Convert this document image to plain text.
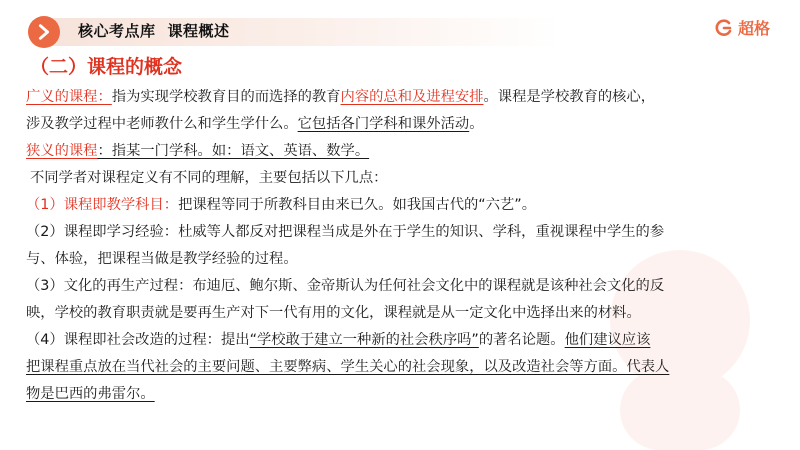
核心考点库 课程概述	超格
（二）课程的概念
广义的课程：指为实现学校教育目的而选择的教育内容的总和及进程安排。课程是学校教育的核心，
涉及教学过程中老师教什么和学生学什么。它包括各门学科和课外活动。
狭义的课程：指某一门学科。如：语文、英语、数学。
不同学者对课程定义有不同的理解，主要包括以下几点：
（1）课程即教学科目：把课程等同于所教科目由来已久。如我国古代的“六艺”。
（2）课程即学习经验：杜威等人都反对把课程当成是外在于学生的知识、学科，重视课程中学生的参
与、体验，把课程当做是教学经验的过程。
（3）文化的再生产过程：布迪厄、鲍尔斯、金帝斯认为任何社会文化中的课程就是该种社会文化的反
映，学校的教育职责就是要再生产对下一代有用的文化，课程就是从一定文化中选择出来的材料。
（4）课程即社会改造的过程：提出“学校敢于建立一种新的社会秩序吗”的著名论题。他们建议应该
把课程重点放在当代社会的主要问题、主要弊病、学生关心的社会现象，以及改造社会等方面。代表人
物是巴西的弗雷尔。
